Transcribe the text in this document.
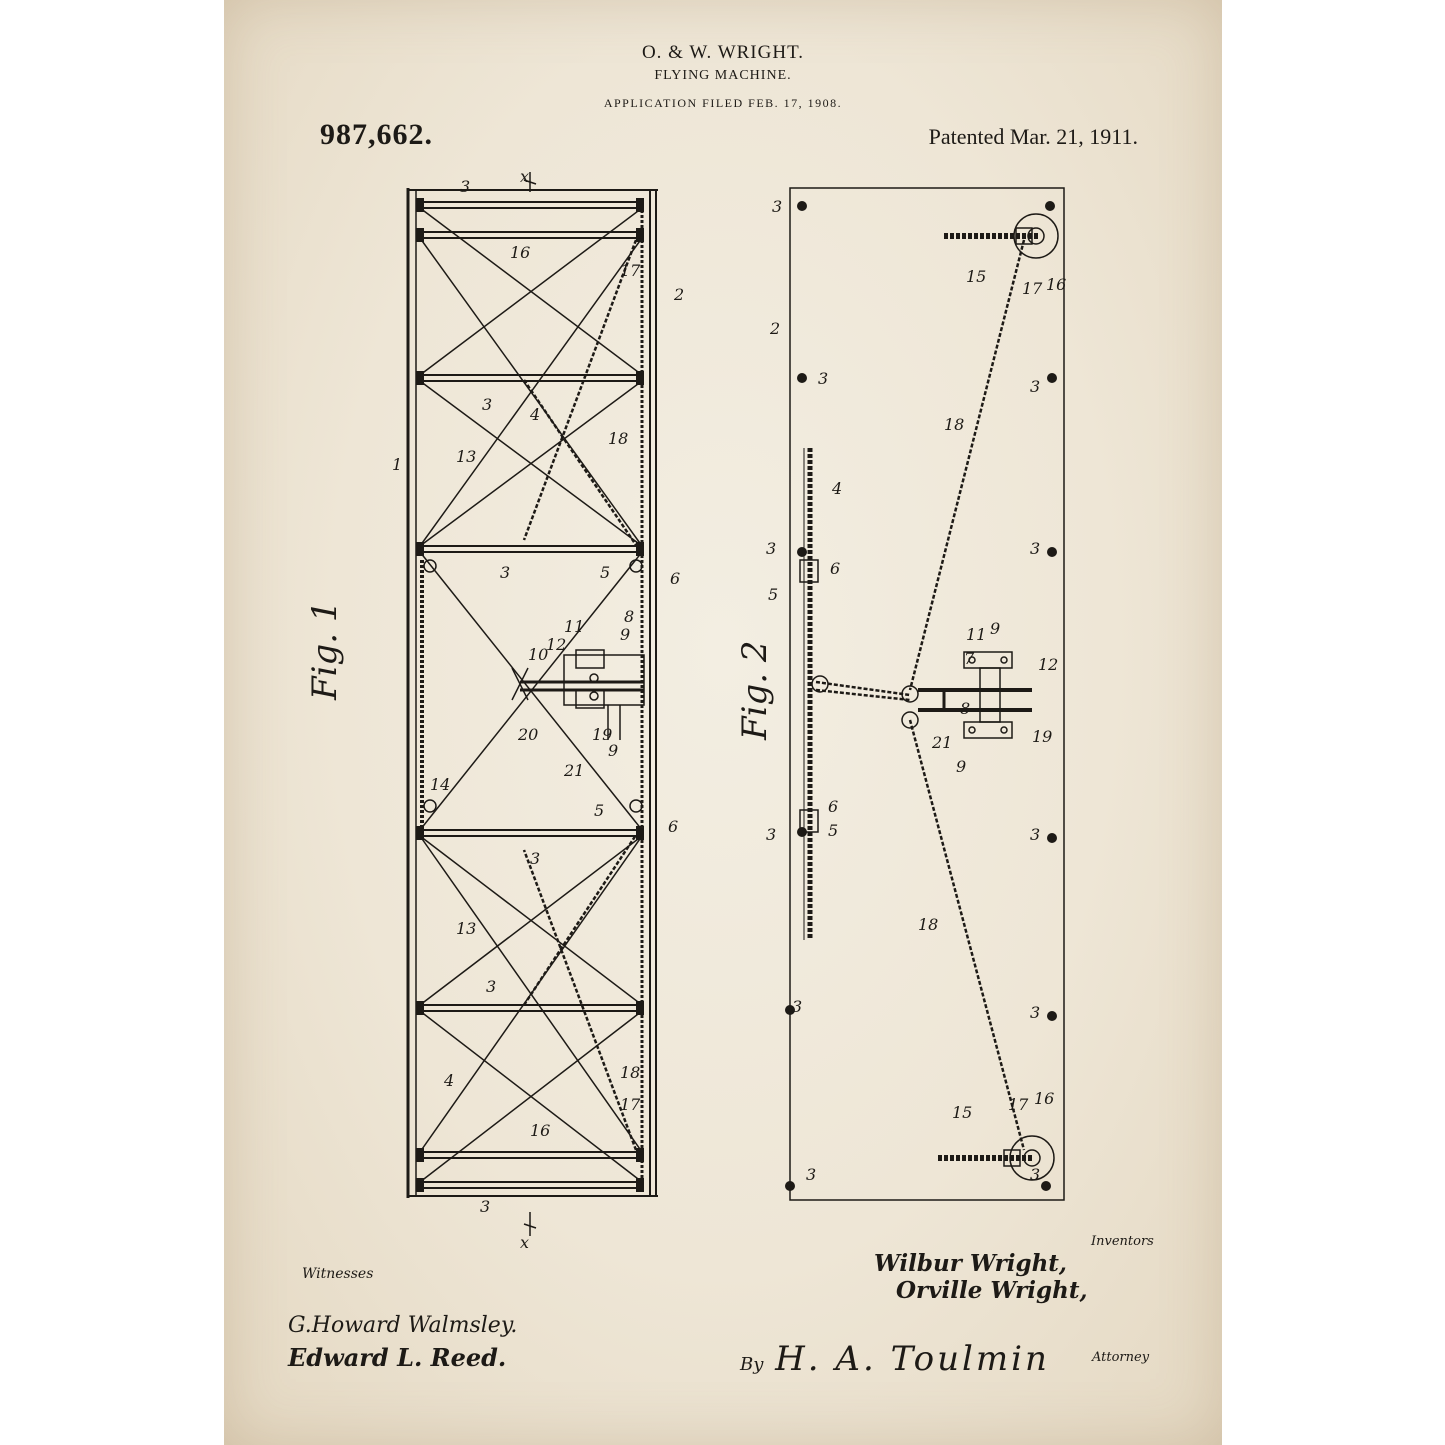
O. & W. WRIGHT.
FLYING MACHINE.
APPLICATION FILED FEB. 17, 1908.
987,662.	Patented Mar. 21, 1911.
Fig. 1
3
x
16
17
2
3
4
18
13
1
3	5	6
8
11
12
10
9
20	19
9
21
14
5
6
3
13
3
18
4
17
16
3
x
Fig. 2
3
15
17 16
2
3	3
18
4
3	3
6
5
11 9
7	12
8
21	19
9
6
5
3	3
18
3	3
15 17 16
3	3
Witnesses
Inventors
Wilbur Wright,
Orville Wright,
G.Howard Walmsley.
Edward L. Reed.	By H. A. Toulmin	Attorney
